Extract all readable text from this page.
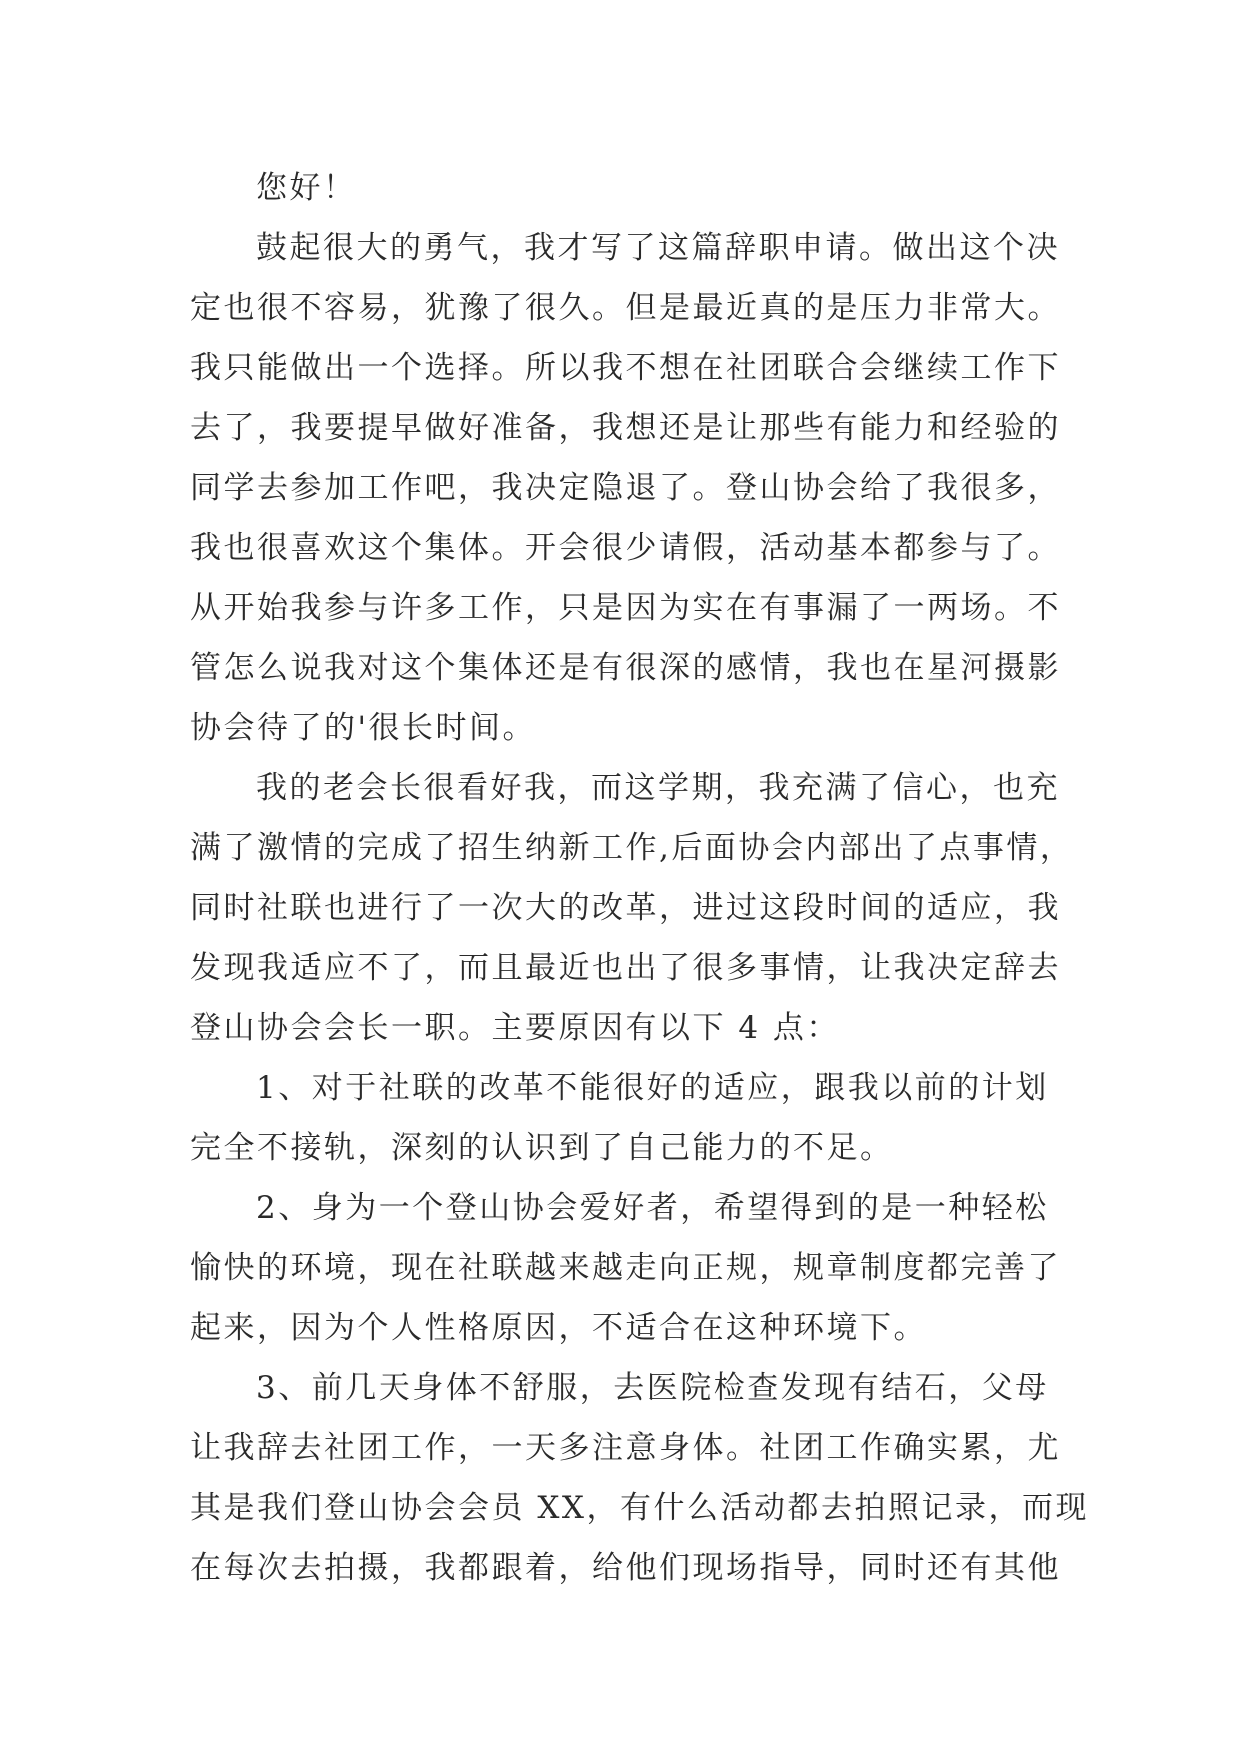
您好！
鼓起很大的勇气，我才写了这篇辞职申请。做出这个决
定也很不容易，犹豫了很久。但是最近真的是压力非常大。
我只能做出一个选择。所以我不想在社团联合会继续工作下
去了，我要提早做好准备，我想还是让那些有能力和经验的
同学去参加工作吧，我决定隐退了。登山协会给了我很多，
我也很喜欢这个集体。开会很少请假，活动基本都参与了。
从开始我参与许多工作，只是因为实在有事漏了一两场。不
管怎么说我对这个集体还是有很深的感情，我也在星河摄影
协会待了的'很长时间。
我的老会长很看好我，而这学期，我充满了信心，也充
满了激情的完成了招生纳新工作,后面协会内部出了点事情，
同时社联也进行了一次大的改革，进过这段时间的适应，我
发现我适应不了，而且最近也出了很多事情，让我决定辞去
登山协会会长一职。主要原因有以下 4 点：
1、对于社联的改革不能很好的适应，跟我以前的计划
完全不接轨，深刻的认识到了自己能力的不足。
2、身为一个登山协会爱好者，希望得到的是一种轻松
愉快的环境，现在社联越来越走向正规，规章制度都完善了
起来，因为个人性格原因，不适合在这种环境下。
3、前几天身体不舒服，去医院检查发现有结石，父母
让我辞去社团工作，一天多注意身体。社团工作确实累，尤
其是我们登山协会会员 XX，有什么活动都去拍照记录，而现
在每次去拍摄，我都跟着，给他们现场指导，同时还有其他
